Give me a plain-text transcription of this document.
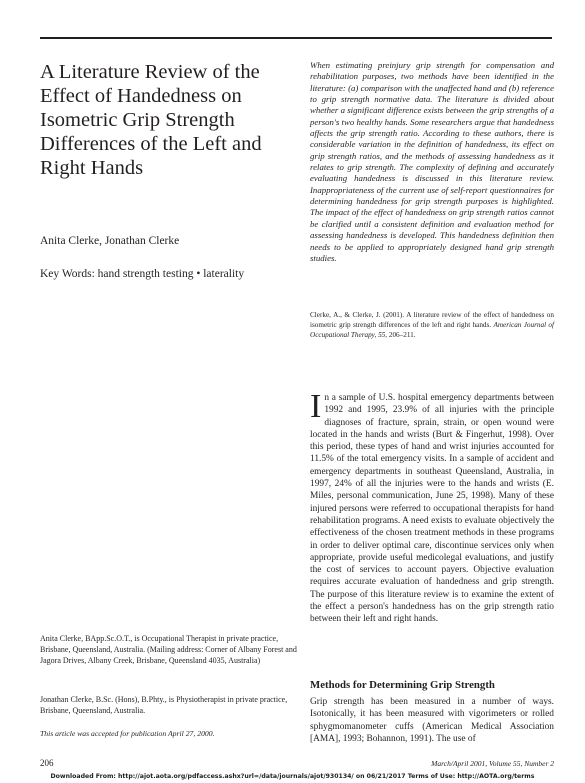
A Literature Review of the Effect of Handedness on Isometric Grip Strength Differences of the Left and Right Hands
Anita Clerke, Jonathan Clerke
Key Words: hand strength testing • laterality

When estimating preinjury grip strength for compensation and rehabilitation purposes, two methods have been identified in the literature: (a) comparison with the unaffected hand and (b) reference to grip strength normative data. The literature is divided about whether a significant difference exists between the grip strengths of a person's two healthy hands. Some researchers argue that handedness affects the grip strength ratio. According to these authors, there is considerable variation in the definition of handedness, its effect on grip strength ratios, and the methods of assessing handedness as it relates to grip strength. The complexity of defining and accurately evaluating handedness is discussed in this literature review. Inappropriateness of the current use of self-report questionnaires for determining handedness for grip strength purposes is highlighted. The impact of the effect of handedness on grip strength ratios cannot be clarified until a consistent definition and evaluation method for assessing handedness is developed. This handedness definition then needs to be applied to appropriately designed hand grip strength studies.

Clerke, A., & Clerke, J. (2001). A literature review of the effect of handedness on isometric grip strength differences of the left and right hands. American Journal of Occupational Therapy, 55, 206–211.

Anita Clerke, BApp.Sc.O.T., is Occupational Therapist in private practice, Brisbane, Queensland, Australia. (Mailing address: Corner of Albany Forest and Jagora Drives, Albany Creek, Brisbane, Queensland 4035, Australia)

Jonathan Clerke, B.Sc. (Hons), B.Phty., is Physiotherapist in private practice, Brisbane, Queensland, Australia.

This article was accepted for publication April 27, 2000.

In a sample of U.S. hospital emergency departments between 1992 and 1995, 23.9% of all injuries with the principle diagnoses of fracture, sprain, strain, or open wound were located in the hands and wrists (Burt & Fingerhut, 1998). Over this period, these types of hand and wrist injuries accounted for 11.5% of the total emergency visits. In a sample of accident and emergency departments in southeast Queensland, Australia, in 1997, 24% of all the injuries were to the hands and wrists (E. Miles, personal communication, June 25, 1998). Many of these injured persons were referred to occupational therapists for hand rehabilitation programs. A need exists to evaluate objectively the effectiveness of the chosen treatment methods in these programs in order to deliver optimal care, discontinue services only when appropriate, provide useful medicolegal evaluations, and justify the cost of services to account payers. Objective evaluation requires accurate evaluation of handedness and grip strength. The purpose of this literature review is to examine the extent of the effect a person's handedness has on the grip strength ratio between their left and right hands.

Methods for Determining Grip Strength

Grip strength has been measured in a number of ways. Isotonically, it has been measured with vigorimeters or rolled sphygmomanometer cuffs (American Medical Association [AMA], 1993; Bohannon, 1991). The use of

206	March/April 2001, Volume 55, Number 2
Downloaded From: http://ajot.aota.org/pdfaccess.ashx?url=/data/journals/ajot/930134/ on 06/21/2017 Terms of Use: http://AOTA.org/terms
